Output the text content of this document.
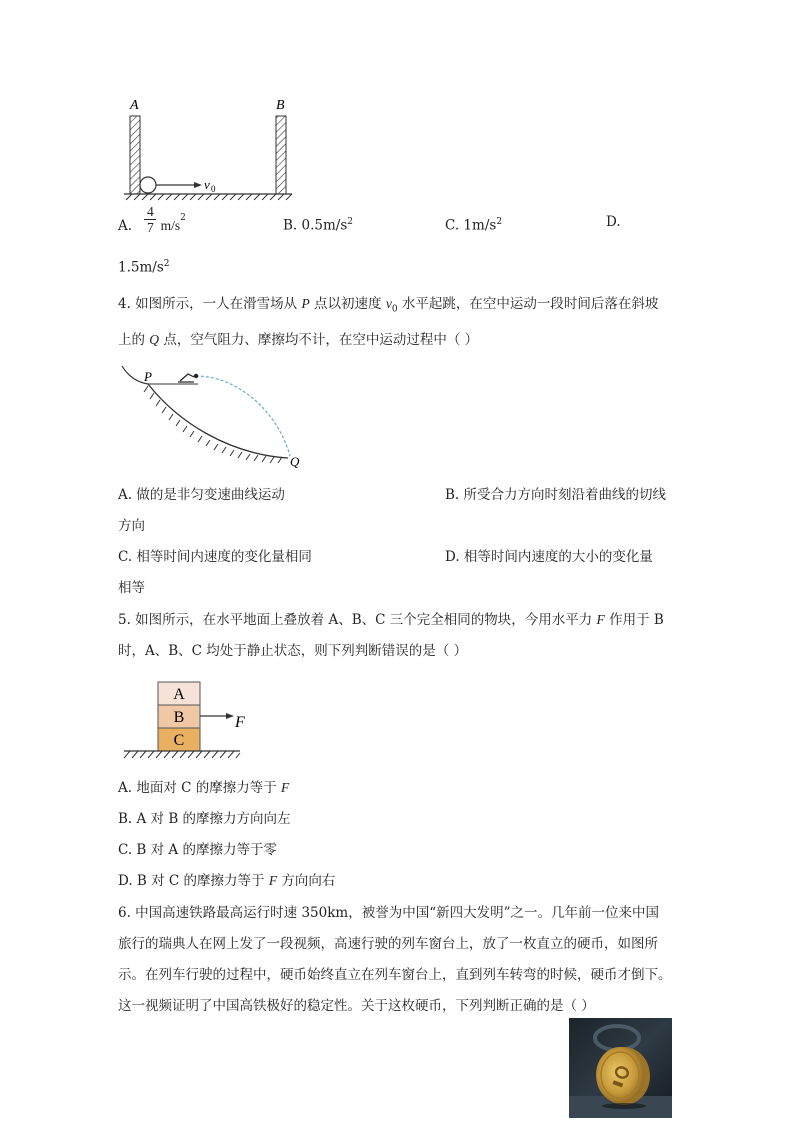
A	B
v 0
A. $\frac{4}{7} m/s^2$	B. $0.5m/s^2$	C. $1m/s^2$	D.
$1.5m/s^2$
4. 如图所示，一人在滑雪场从 P 点以初速度 $v_0$ 水平起跳，在空中运动一段时间后落在斜坡
上的 Q 点，空气阻力、摩擦均不计，在空中运动过程中（ ）
P
Q
A. 做的是非匀变速曲线运动	B. 所受合力方向时刻沿着曲线的切线
方向
C. 相等时间内速度的变化量相同	D. 相等时间内速度的大小的变化量
相等
5. 如图所示，在水平地面上叠放着 A、B、C 三个完全相同的物块，今用水平力 F 作用于 B
时，A、B、C 均处于静止状态，则下列判断错误的是（ ）
A
B
C
F
A. 地面对 C 的摩擦力等于 F
B. A 对 B 的摩擦力方向向左
C. B 对 A 的摩擦力等于零
D. B 对 C 的摩擦力等于 F 方向向右
6. 中国高速铁路最高运行时速 350km，被誉为中国“新四大发明”之一。几年前一位来中国
旅行的瑞典人在网上发了一段视频，高速行驶的列车窗台上，放了一枚直立的硬币，如图所
示。在列车行驶的过程中，硬币始终直立在列车窗台上，直到列车转弯的时候，硬币才倒下。
这一视频证明了中国高铁极好的稳定性。关于这枚硬币，下列判断正确的是（ ）
